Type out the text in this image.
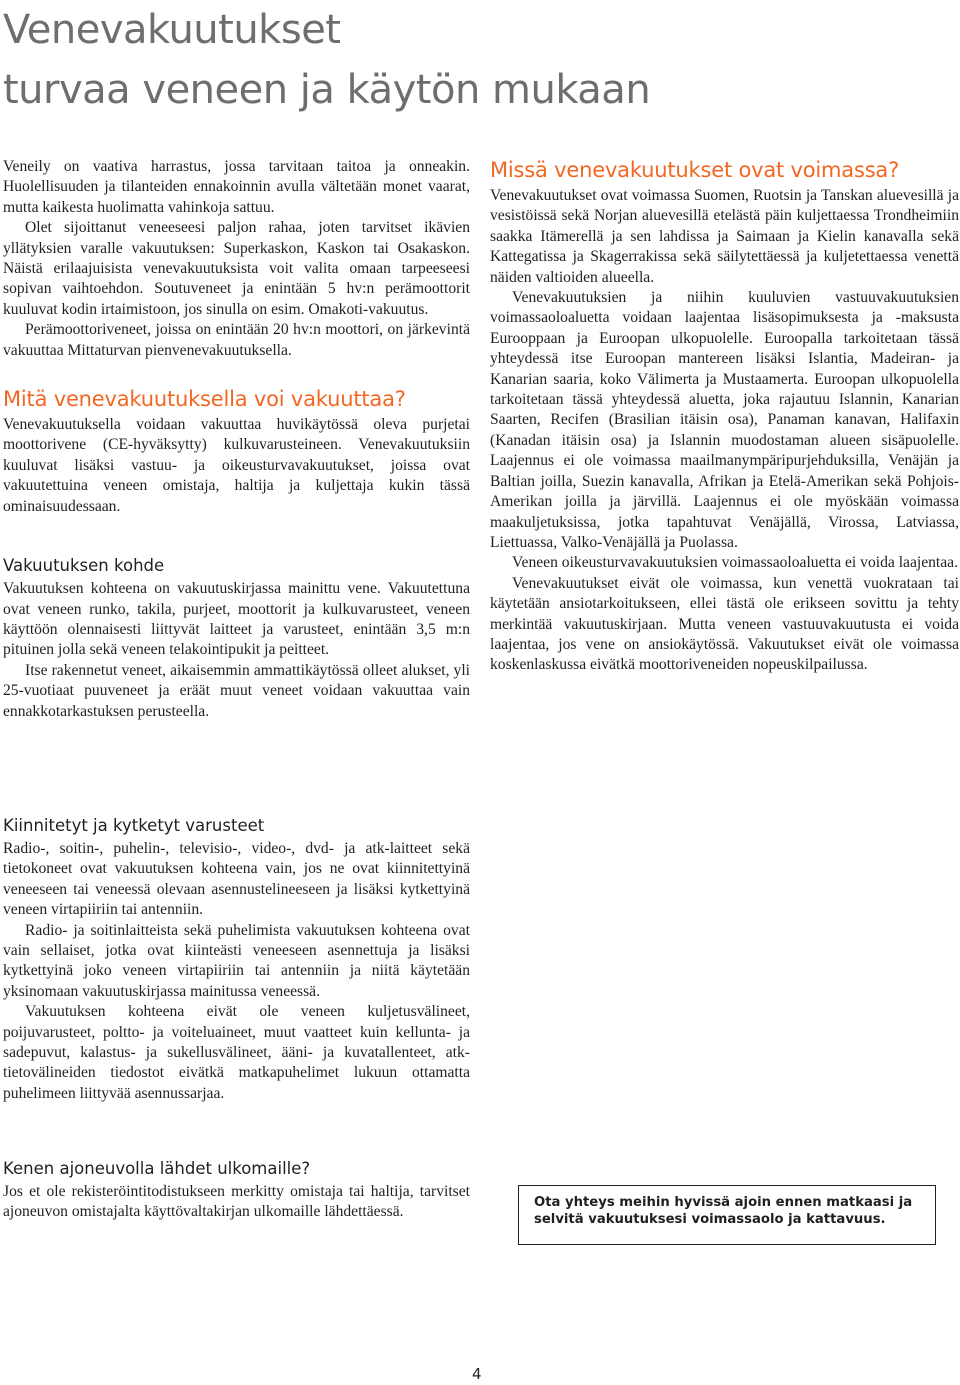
Venevakuutukset
turvaa veneen ja käytön mukaan

Veneily on vaativa harrastus, jossa tarvitaan taitoa ja onneakin. Huolellisuuden ja tilanteiden ennakoinnin avulla vältetään monet vaarat, mutta kaikesta huolimatta vahinkoja sattuu.

Olet sijoittanut veneeseesi paljon rahaa, joten tarvitset ikävien yllätyksien varalle vakuutuksen: Superkaskon, Kaskon tai Osakaskon. Näistä erilaajuisista venevakuutuksista voit valita omaan tarpeeseesi sopivan vaihtoehdon. Soutuveneet ja enintään 5 hv:n perämoottorit kuuluvat kodin irtaimistoon, jos sinulla on esim. Omakoti-vakuutus.

Perämoottoriveneet, joissa on enintään 20 hv:n moottori, on järkevintä vakuuttaa Mittaturvan pienvenevakuutuksella.

Mitä venevakuutuksella voi vakuuttaa?

Venevakuutuksella voidaan vakuuttaa huvikäytössä oleva purjetai moottorivene (CE-hyväksytty) kulkuvarusteineen. Venevakuutuksiin kuuluvat lisäksi vastuu- ja oikeusturvavakuutukset, joissa ovat vakuutettuina veneen omistaja, haltija ja kuljettaja kukin tässä ominaisuudessaan.

Vakuutuksen kohde

Vakuutuksen kohteena on vakuutuskirjassa mainittu vene. Vakuutettuna ovat veneen runko, takila, purjeet, moottorit ja kulkuvarusteet, veneen käyttöön olennaisesti liittyvät laitteet ja varusteet, enintään 3,5 m:n pituinen jolla sekä veneen telakointipukit ja peitteet.

Itse rakennetut veneet, aikaisemmin ammattikäytössä olleet alukset, yli 25-vuotiaat puuveneet ja eräät muut veneet voidaan vakuuttaa vain ennakkotarkastuksen perusteella.

Kiinnitetyt ja kytketyt varusteet

Radio-, soitin-, puhelin-, televisio-, video-, dvd- ja atk-laitteet sekä tietokoneet ovat vakuutuksen kohteena vain, jos ne ovat kiinnitettyinä veneeseen tai veneessä olevaan asennustelineeseen ja lisäksi kytkettyinä veneen virtapiiriin tai antenniin.

Radio- ja soitinlaitteista sekä puhelimista vakuutuksen kohteena ovat vain sellaiset, jotka ovat kiinteästi veneeseen asennettuja ja lisäksi kytkettyinä joko veneen virtapiiriin tai antenniin ja niitä käytetään yksinomaan vakuutuskirjassa mainitussa veneessä.

Vakuutuksen kohteena eivät ole veneen kuljetusvälineet, poijuvarusteet, poltto- ja voiteluaineet, muut vaatteet kuin kellunta- ja sadepuvut, kalastus- ja sukellusvälineet, ääni- ja kuvatallenteet, atk-tietovälineiden tiedostot eivätkä matkapuhelimet lukuun ottamatta puhelimeen liittyvää asennussarjaa.

Kenen ajoneuvolla lähdet ulkomaille?

Jos et ole rekisteröintitodistukseen merkitty omistaja tai haltija, tarvitset ajoneuvon omistajalta käyttövaltakirjan ulkomaille lähdettäessä.

Missä venevakuutukset ovat voimassa?

Venevakuutukset ovat voimassa Suomen, Ruotsin ja Tanskan aluevesillä ja vesistöissä sekä Norjan aluevesillä etelästä päin kuljettaessa Trondheimiin saakka Itämerellä ja sen lahdissa ja Saimaan ja Kielin kanavalla sekä Kattegatissa ja Skagerrakissa sekä säilytettäessä ja kuljetettaessa venettä näiden valtioiden alueella.

Venevakuutuksien ja niihin kuuluvien vastuuvakuutuksien voimassaoloaluetta voidaan laajentaa lisäsopimuksesta ja -maksusta Eurooppaan ja Euroopan ulkopuolelle. Euroopalla tarkoitetaan tässä yhteydessä itse Euroopan mantereen lisäksi Islantia, Madeiran- ja Kanarian saaria, koko Välimerta ja Mustaamerta. Euroopan ulkopuolella tarkoitetaan tässä yhteydessä aluetta, joka rajautuu Islannin, Kanarian Saarten, Recifen (Brasilian itäisin osa), Panaman kanavan, Halifaxin (Kanadan itäisin osa) ja Islannin muodostaman alueen sisäpuolelle. Laajennus ei ole voimassa maailmanympäripurjehduksilla, Venäjän ja Baltian joilla, Suezin kanavalla, Afrikan ja Etelä-Amerikan sekä Pohjois-Amerikan joilla ja järvillä. Laajennus ei ole myöskään voimassa maakuljetuksissa, jotka tapahtuvat Venäjällä, Virossa, Latviassa, Liettuassa, Valko-Venäjällä ja Puolassa.

Veneen oikeusturvavakuutuksien voimassaoloaluetta ei voida laajentaa.

Venevakuutukset eivät ole voimassa, kun venettä vuokrataan tai käytetään ansiotarkoitukseen, ellei tästä ole erikseen sovittu ja tehty merkintää vakuutuskirjaan. Mutta veneen vastuuvakuutusta ei voida laajentaa, jos vene on ansiokäytössä. Vakuutukset eivät ole voimassa koskenlaskussa eivätkä moottoriveneiden nopeuskilpailussa.

Ota yhteys meihin hyvissä ajoin ennen matkaasi ja
selvitä vakuutuksesi voimassaolo ja kattavuus.
4
